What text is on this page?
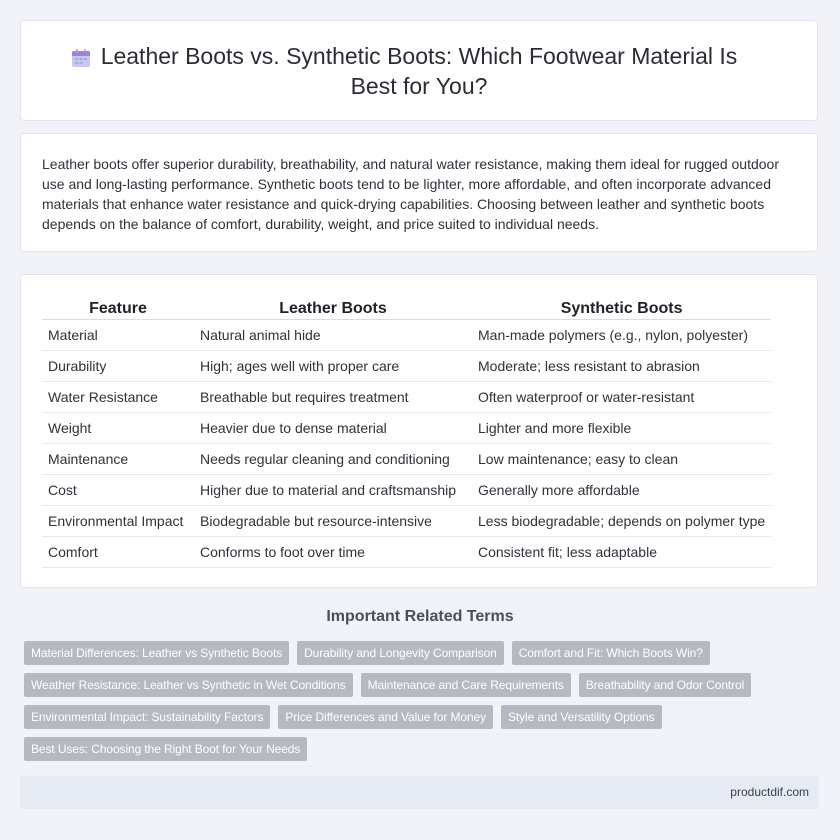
Leather Boots vs. Synthetic Boots: Which Footwear Material Is Best for You?

Leather boots offer superior durability, breathability, and natural water resistance, making them ideal for rugged outdoor use and long-lasting performance. Synthetic boots tend to be lighter, more affordable, and often incorporate advanced materials that enhance water resistance and quick-drying capabilities. Choosing between leather and synthetic boots depends on the balance of comfort, durability, weight, and price suited to individual needs.

Feature	Leather Boots	Synthetic Boots
Material	Natural animal hide	Man-made polymers (e.g., nylon, polyester)
Durability	High; ages well with proper care	Moderate; less resistant to abrasion
Water Resistance	Breathable but requires treatment	Often waterproof or water-resistant
Weight	Heavier due to dense material	Lighter and more flexible
Maintenance	Needs regular cleaning and conditioning	Low maintenance; easy to clean
Cost	Higher due to material and craftsmanship	Generally more affordable
Environmental Impact	Biodegradable but resource-intensive	Less biodegradable; depends on polymer type
Comfort	Conforms to foot over time	Consistent fit; less adaptable
Important Related Terms
Material Differences: Leather vs Synthetic Boots	Durability and Longevity Comparison	Comfort and Fit: Which Boots Win?
Weather Resistance: Leather vs Synthetic in Wet Conditions	Maintenance and Care Requirements	Breathability and Odor Control
Environmental Impact: Sustainability Factors	Price Differences and Value for Money	Style and Versatility Options
Best Uses: Choosing the Right Boot for Your Needs
productdif.com
